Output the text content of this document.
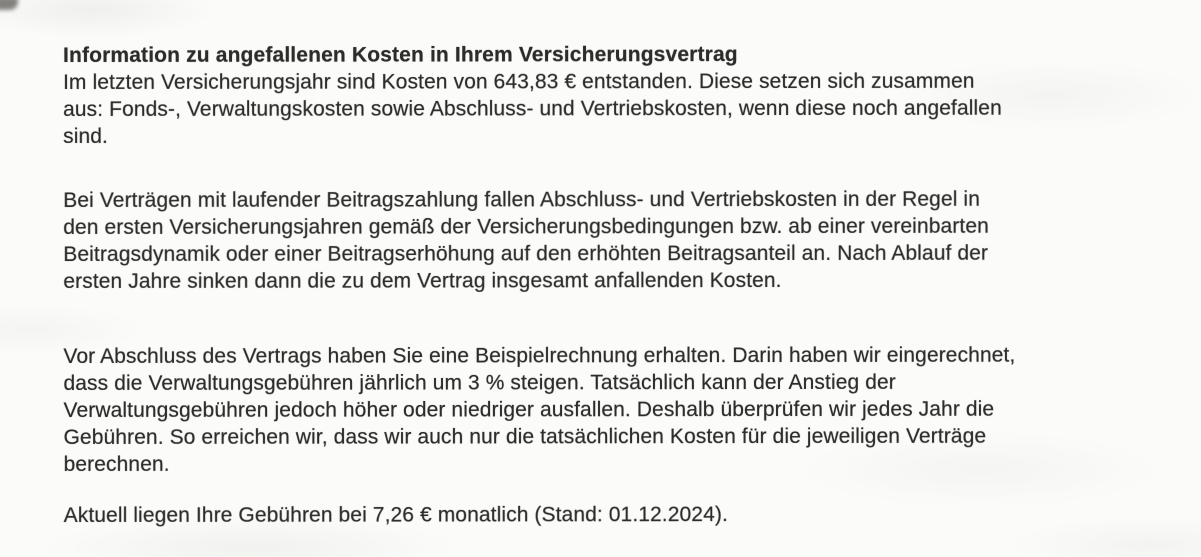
Information zu angefallenen Kosten in Ihrem Versicherungsvertrag

Im letzten Versicherungsjahr sind Kosten von 643,83 € entstanden. Diese setzen sich zusammen
aus: Fonds-, Verwaltungskosten sowie Abschluss- und Vertriebskosten, wenn diese noch angefallen
sind.

Bei Verträgen mit laufender Beitragszahlung fallen Abschluss- und Vertriebskosten in der Regel in
den ersten Versicherungsjahren gemäß der Versicherungsbedingungen bzw. ab einer vereinbarten
Beitragsdynamik oder einer Beitragserhöhung auf den erhöhten Beitragsanteil an. Nach Ablauf der
ersten Jahre sinken dann die zu dem Vertrag insgesamt anfallenden Kosten.

Vor Abschluss des Vertrags haben Sie eine Beispielrechnung erhalten. Darin haben wir eingerechnet,
dass die Verwaltungsgebühren jährlich um 3 % steigen. Tatsächlich kann der Anstieg der
Verwaltungsgebühren jedoch höher oder niedriger ausfallen. Deshalb überprüfen wir jedes Jahr die
Gebühren. So erreichen wir, dass wir auch nur die tatsächlichen Kosten für die jeweiligen Verträge
berechnen.

Aktuell liegen Ihre Gebühren bei 7,26 € monatlich (Stand: 01.12.2024).
